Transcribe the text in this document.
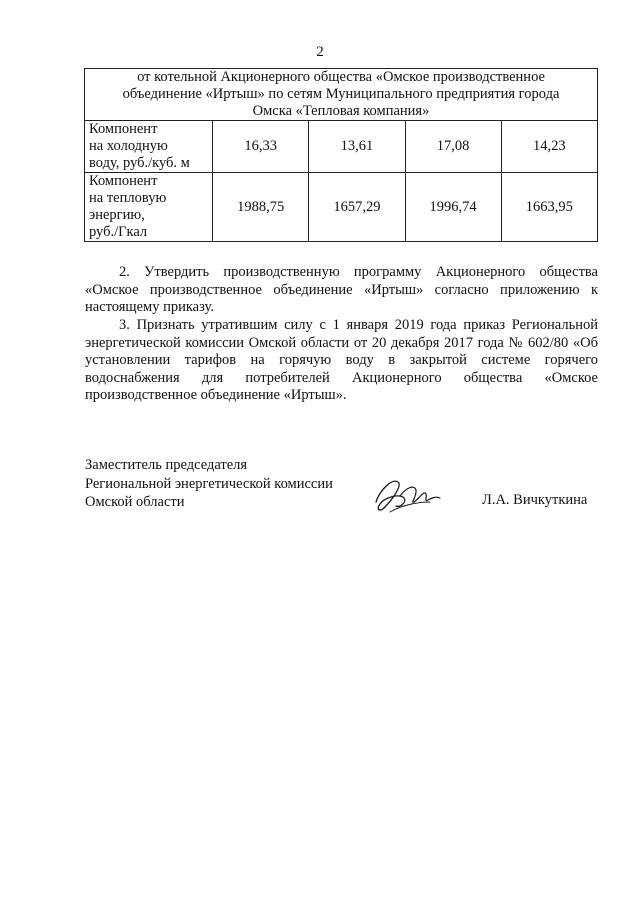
2
от котельной Акционерного общества «Омское производственное
объединение «Иртыш» по сетям Муниципального предприятия города
Омска «Тепловая компания»				

Компонент
на холодную
воду, руб./куб. м	16,33	13,61	17,08	14,23

Компонент
на тепловую
энергию,
руб./Гкал	1988,75	1657,29	1996,74	1663,95

2. Утвердить производственную программу Акционерного общества «Омское производственное объединение «Иртыш» согласно приложению к настоящему приказу.

3. Признать утратившим силу с 1 января 2019 года приказ Региональной энергетической комиссии Омской области от 20 декабря 2017 года № 602/80 «Об установлении тарифов на горячую воду в закрытой системе горячего водоснабжения для потребителей Акционерного общества «Омское производственное объединение «Иртыш».

Заместитель председателя
Региональной энергетической комиссии
Омской области	Л.А. Вичкуткина
